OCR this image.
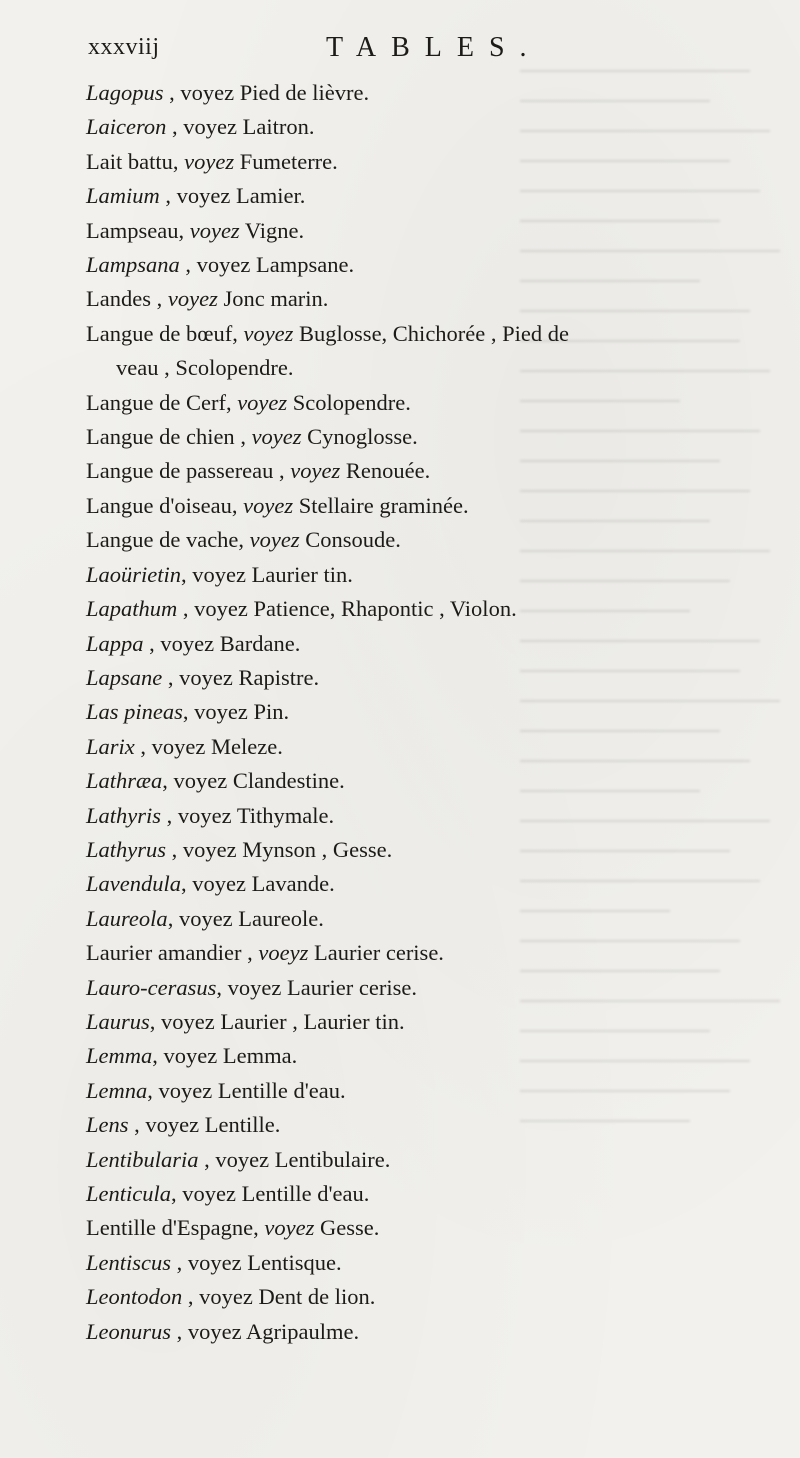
xxxviij	TABLES.
Lagopus , voyez Pied de lièvre.
Laiceron , voyez Laitron.
Lait battu, voyez Fumeterre.
Lamium , voyez Lamier.
Lampseau, voyez Vigne.
Lampsana , voyez Lampsane.
Landes , voyez Jonc marin.
Langue de bœuf, voyez Buglosse, Chichorée , Pied de
veau , Scolopendre.
Langue de Cerf, voyez Scolopendre.
Langue de chien , voyez Cynoglosse.
Langue de passereau , voyez Renouée.
Langue d'oiseau, voyez Stellaire graminée.
Langue de vache, voyez Consoude.
Laoürietin, voyez Laurier tin.
Lapathum , voyez Patience, Rhapontic , Violon.
Lappa , voyez Bardane.
Lapsane , voyez Rapistre.
Las pineas, voyez Pin.
Larix , voyez Meleze.
Lathræa, voyez Clandestine.
Lathyris , voyez Tithymale.
Lathyrus , voyez Mynson , Gesse.
Lavendula, voyez Lavande.
Laureola, voyez Laureole.
Laurier amandier , voeyz Laurier cerise.
Lauro-cerasus, voyez Laurier cerise.
Laurus, voyez Laurier , Laurier tin.
Lemma, voyez Lemma.
Lemna, voyez Lentille d'eau.
Lens , voyez Lentille.
Lentibularia , voyez Lentibulaire.
Lenticula, voyez Lentille d'eau.
Lentille d'Espagne, voyez Gesse.
Lentiscus , voyez Lentisque.
Leontodon , voyez Dent de lion.
Leonurus , voyez Agripaulme.
